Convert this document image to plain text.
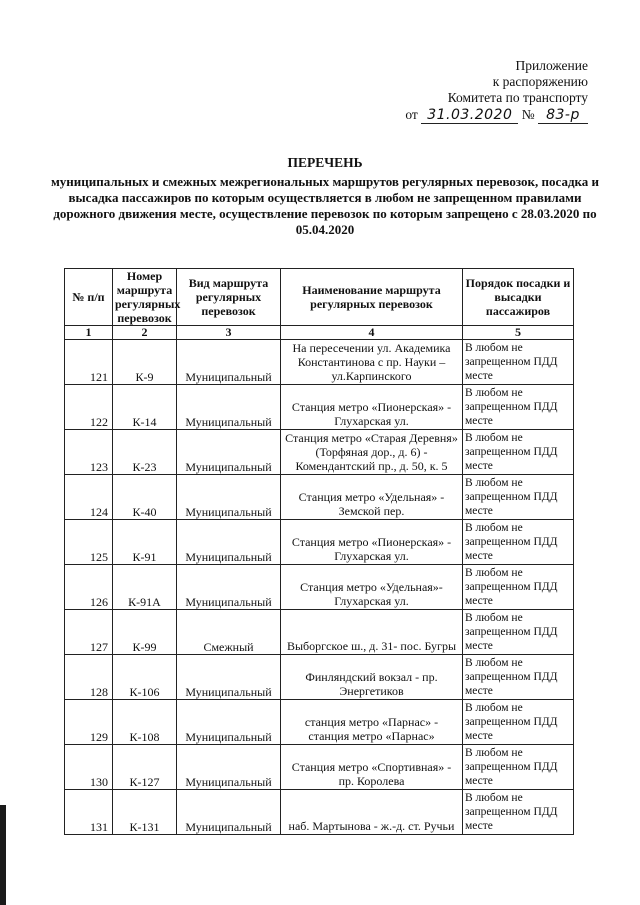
Приложение
к распоряжению
Комитета по транспорту
от 31.03.2020 № 83-р
ПЕРЕЧЕНЬ
муниципальных и смежных межрегиональных маршрутов регулярных перевозок, посадка и высадка пассажиров по которым осуществляется в любом не запрещенном правилами дорожного движения месте, осуществление перевозок по которым запрещено с 28.03.2020 по 05.04.2020
№ п/п	Номер маршрута регулярных перевозок	Вид маршрута регулярных перевозок	Наименование маршрута регулярных перевозок	Порядок посадки и высадки пассажиров
1	2	3	4	5
121	К-9	Муниципальный	На пересечении ул. Академика Константинова с пр. Науки – ул.Карпинского	В любом не запрещенном ПДД месте
122	К-14	Муниципальный	Станция метро «Пионерская» - Глухарская ул.	В любом не запрещенном ПДД месте
123	К-23	Муниципальный	Станция метро «Старая Деревня» (Торфяная дор., д. 6) - Комендантский пр., д. 50, к. 5	В любом не запрещенном ПДД месте
124	К-40	Муниципальный	Станция метро «Удельная» - Земской пер.	В любом не запрещенном ПДД месте
125	К-91	Муниципальный	Станция метро «Пионерская» - Глухарская ул.	В любом не запрещенном ПДД месте
126	К-91А	Муниципальный	Станция метро «Удельная»- Глухарская ул.	В любом не запрещенном ПДД месте
127	К-99	Смежный	Выборгское ш., д. 31- пос. Бугры	В любом не запрещенном ПДД месте
128	К-106	Муниципальный	Финляндский вокзал - пр. Энергетиков	В любом не запрещенном ПДД месте
129	К-108	Муниципальный	станция метро «Парнас» - станция метро «Парнас»	В любом не запрещенном ПДД месте
130	К-127	Муниципальный	Станция метро «Спортивная» - пр. Королева	В любом не запрещенном ПДД месте
131	К-131	Муниципальный	наб. Мартынова - ж.-д. ст. Ручьи	В любом не запрещенном ПДД месте
